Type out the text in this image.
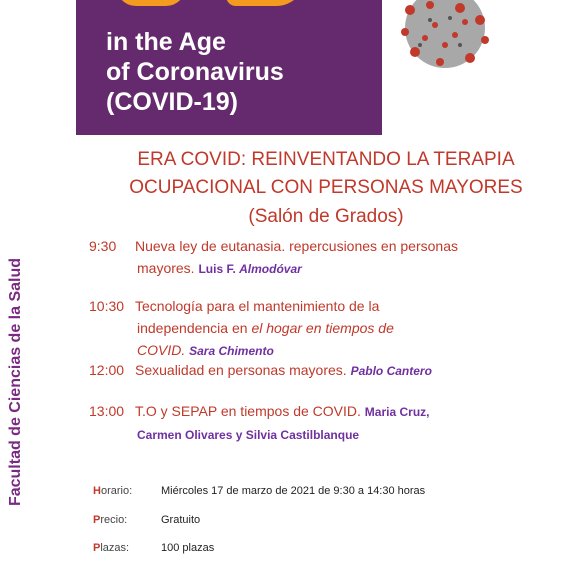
in the Age
of Coronavirus
(COVID-19)
ERA COVID: REINVENTANDO LA TERAPIA
OCUPACIONAL CON PERSONAS MAYORES
(Salón de Grados)
Facultad de Ciencias de la Salud
9:30 Nueva ley de eutanasia. repercusiones en personas
mayores. Luis F. Almodóvar
10:30 Tecnología para el mantenimiento de la
independencia en el hogar en tiempos de
COVID. Sara Chimento
12:00 Sexualidad en personas mayores. Pablo Cantero
13:00 T.O y SEPAP en tiempos de COVID. Maria Cruz,
Carmen Olivares y Silvia Castilblanque
Horario:	Miércoles 17 de marzo de 2021 de 9:30 a 14:30 horas
Precio:	Gratuito
Plazas:	100 plazas
